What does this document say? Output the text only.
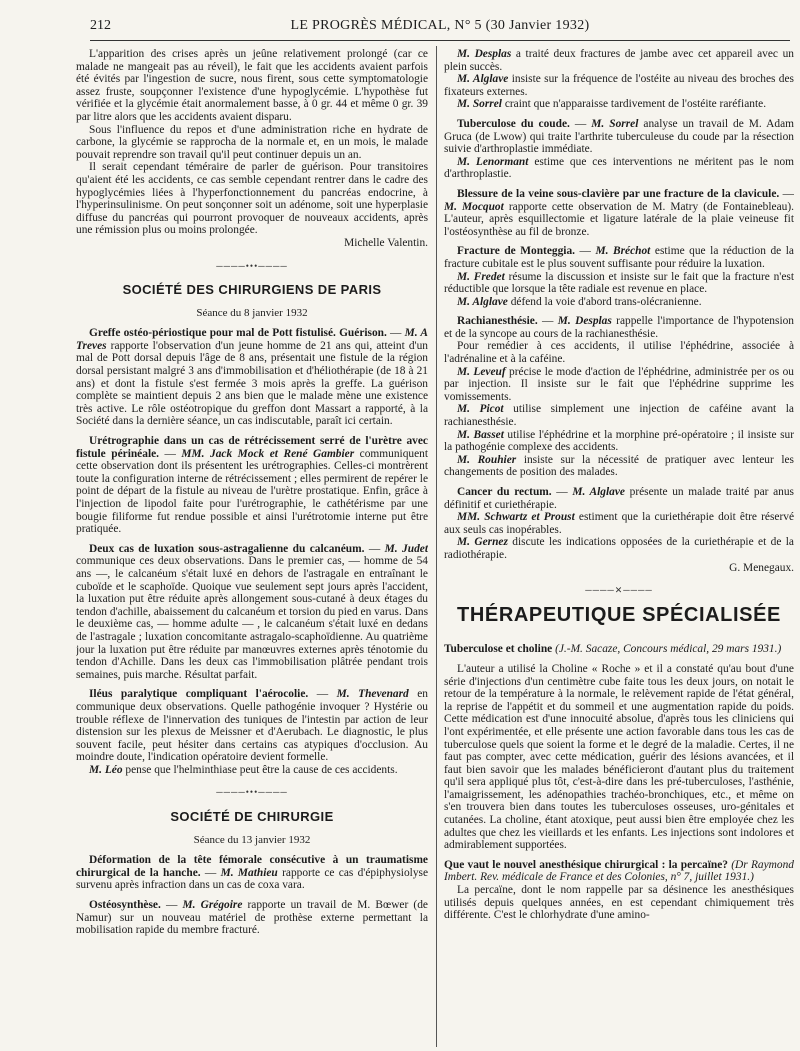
212	LE PROGRÈS MÉDICAL, N° 5 (30 Janvier 1932)

L'apparition des crises après un jeûne relativement prolongé (car ce malade ne mangeait pas au réveil), le fait que les accidents avaient parfois été évités par l'ingestion de sucre, nous firent, sous cette symptomatologie assez fruste, soupçonner l'existence d'une hypoglycémie. L'hypothèse fut vérifiée et la glycémie était anormalement basse, à 0 gr. 44 et même 0 gr. 39 par litre alors que les accidents avaient disparu.

Sous l'influence du repos et d'une administration riche en hydrate de carbone, la glycémie se rapprocha de la normale et, en un mois, le malade pouvait reprendre son travail qu'il peut continuer depuis un an.

Il serait cependant téméraire de parler de guérison. Pour transitoires qu'aient été les accidents, ce cas semble cependant rentrer dans le cadre des hypoglycémies liées à l'hyperfonctionnement du pancréas endocrine, à l'hyperinsulinisme. On peut sonçonner soit un adénome, soit une hyperplasie diffuse du pancréas qui pourront provoquer de nouveaux accidents, après une rémission plus ou moins prolongée.

Michelle Valentin.

────•••────
SOCIÉTÉ DES CHIRURGIENS DE PARIS
Séance du 8 janvier 1932

Greffe ostéo-périostique pour mal de Pott fistulisé. Guérison. — M. A Treves rapporte l'observation d'un jeune homme de 21 ans qui, atteint d'un mal de Pott dorsal depuis l'âge de 8 ans, présentait une fistule de la région dorsal persistant malgré 3 ans d'immobilisation et d'héliothérapie (de 18 à 21 ans) et dont la fistule s'est fermée 3 mois après la greffe. La guérison complète se maintient depuis 2 ans bien que le malade mène une existence très active. Le rôle ostéotropique du greffon dont Massart a rapporté, à la Société dans la dernière séance, un cas indiscutable, paraît ici certain.

Urétrographie dans un cas de rétrécissement serré de l'urètre avec fistule périnéale. — MM. Jack Mock et René Gambier communiquent cette observation dont ils présentent les urétrographies. Celles-ci montrèrent toute la configuration interne de rétrécissement ; elles permirent de repérer le point de départ de la fistule au niveau de l'urètre prostatique. Enfin, grâce à l'injection de lipodol faite pour l'urétrographie, le cathétérisme par une bougie filiforme fut rendue possible et ainsi l'urétrotomie interne put être pratiquée.

Deux cas de luxation sous-astragalienne du calcanéum. — M. Judet communique ces deux observations. Dans le premier cas, — homme de 54 ans —, le calcanéum s'était luxé en dehors de l'astragale en entraînant le cuboïde et le scaphoïde. Quoique vue seulement sept jours après l'accident, la luxation put être réduite après allongement sous-cutané à deux étages du tendon d'achille, abaissement du calcanéum et torsion du pied en varus. Dans le deuxième cas, — homme adulte — , le calcanéum s'était luxé en dedans de l'astragale ; luxation concomitante astragalo-scaphoïdienne. Au quatrième jour la luxation put être réduite par manœuvres externes après ténotomie du tendon d'Achille. Dans les deux cas l'immobilisation plâtrée pendant trois semaines, puis marche. Résultat parfait.

Iléus paralytique compliquant l'aérocolie. — M. Thevenard en communique deux observations. Quelle pathogénie invoquer ? Hystérie ou trouble réflexe de l'innervation des tuniques de l'intestin par action de leur distension sur les plexus de Meissner et d'Aerubach. Le diagnostic, le plus souvent facile, peut hésiter dans certains cas atypiques d'occlusion. Au moindre doute, l'indication opératoire devient formelle.

M. Léo pense que l'helminthiase peut être la cause de ces accidents.

────•••────
SOCIÉTÉ DE CHIRURGIE
Séance du 13 janvier 1932

Déformation de la tête fémorale consécutive à un traumatisme chirurgical de la hanche. — M. Mathieu rapporte ce cas d'épiphysiolyse survenu après infraction dans un cas de coxa vara.

Ostéosynthèse. — M. Grégoire rapporte un travail de M. Bœwer (de Namur) sur un nouveau matériel de prothèse externe permettant la mobilisation rapide du membre fracturé.

M. Desplas a traité deux fractures de jambe avec cet appareil avec un plein succès.

M. Alglave insiste sur la fréquence de l'ostéite au niveau des broches des fixateurs externes.

M. Sorrel craint que n'apparaisse tardivement de l'ostéite raréfiante.

Tuberculose du coude. — M. Sorrel analyse un travail de M. Adam Gruca (de Lwow) qui traite l'arthrite tuberculeuse du coude par la résection suivie d'arthroplastie immédiate.

M. Lenormant estime que ces interventions ne méritent pas le nom d'arthroplastie.

Blessure de la veine sous-clavière par une fracture de la clavicule. — M. Mocquot rapporte cette observation de M. Matry (de Fontainebleau). L'auteur, après esquillectomie et ligature latérale de la plaie veineuse fit l'ostéosynthèse au fil de bronze.

Fracture de Monteggia. — M. Bréchot estime que la réduction de la fracture cubitale est le plus souvent suffisante pour réduire la luxation.

M. Fredet résume la discussion et insiste sur le fait que la fracture n'est réductible que lorsque la tête radiale est revenue en place.

M. Alglave défend la voie d'abord trans-olécranienne.

Rachianesthésie. — M. Desplas rappelle l'importance de l'hypotension et de la syncope au cours de la rachianesthésie.

Pour remédier à ces accidents, il utilise l'éphédrine, associée à l'adrénaline et à la caféine.

M. Leveuf précise le mode d'action de l'éphédrine, administrée per os ou par injection. Il insiste sur le fait que l'éphédrine supprime les vomissements.

M. Picot utilise simplement une injection de caféine avant la rachianesthésie.

M. Basset utilise l'éphédrine et la morphine pré-opératoire ; il insiste sur la pathogénie complexe des accidents.

M. Rouhier insiste sur la nécessité de pratiquer avec lenteur les changements de position des malades.

Cancer du rectum. — M. Alglave présente un malade traité par anus définitif et curiethérapie.

MM. Schwartz et Proust estiment que la curiethérapie doit être réservé aux seuls cas inopérables.

M. Gernez discute les indications opposées de la curiethérapie et de la radiothérapie.

G. Menegaux.

────✕────
THÉRAPEUTIQUE SPÉCIALISÉE

Tuberculose et choline (J.-M. Sacaze, Concours médical, 29 mars 1931.)

L'auteur a utilisé la Choline « Roche » et il a constaté qu'au bout d'une série d'injections d'un centimètre cube faite tous les deux jours, on notait le retour de la température à la normale, le relèvement rapide de l'état général, la reprise de l'appétit et du sommeil et une augmentation rapide du poids. Cette médication est d'une innocuité absolue, d'après tous les cliniciens qui l'ont expérimentée, et elle présente une action favorable dans tous les cas de tuberculose quels que soient la forme et le degré de la maladie. Certes, il ne faut pas compter, avec cette médication, guérir des lésions avancées, et il faut bien savoir que les malades bénéficieront d'autant plus du traitement qu'il sera appliqué plus tôt, c'est-à-dire dans les pré-tuberculoses, l'asthénie, l'amaigrissement, les adénopathies trachéo-bronchiques, etc., et même on s'en trouvera bien dans toutes les tuberculoses osseuses, uro-génitales et cutanées. La choline, étant atoxique, peut aussi bien être employée chez les adultes que chez les vieillards et les enfants. Les injections sont indolores et admirablement supportées.

Que vaut le nouvel anesthésique chirurgical : la percaïne? (Dr Raymond Imbert. Rev. médicale de France et des Colonies, n° 7, juillet 1931.)

La percaïne, dont le nom rappelle par sa désinence les anesthésiques utilisés depuis quelques années, en est cependant chimiquement très différente. C'est le chlorhydrate d'une amino-
